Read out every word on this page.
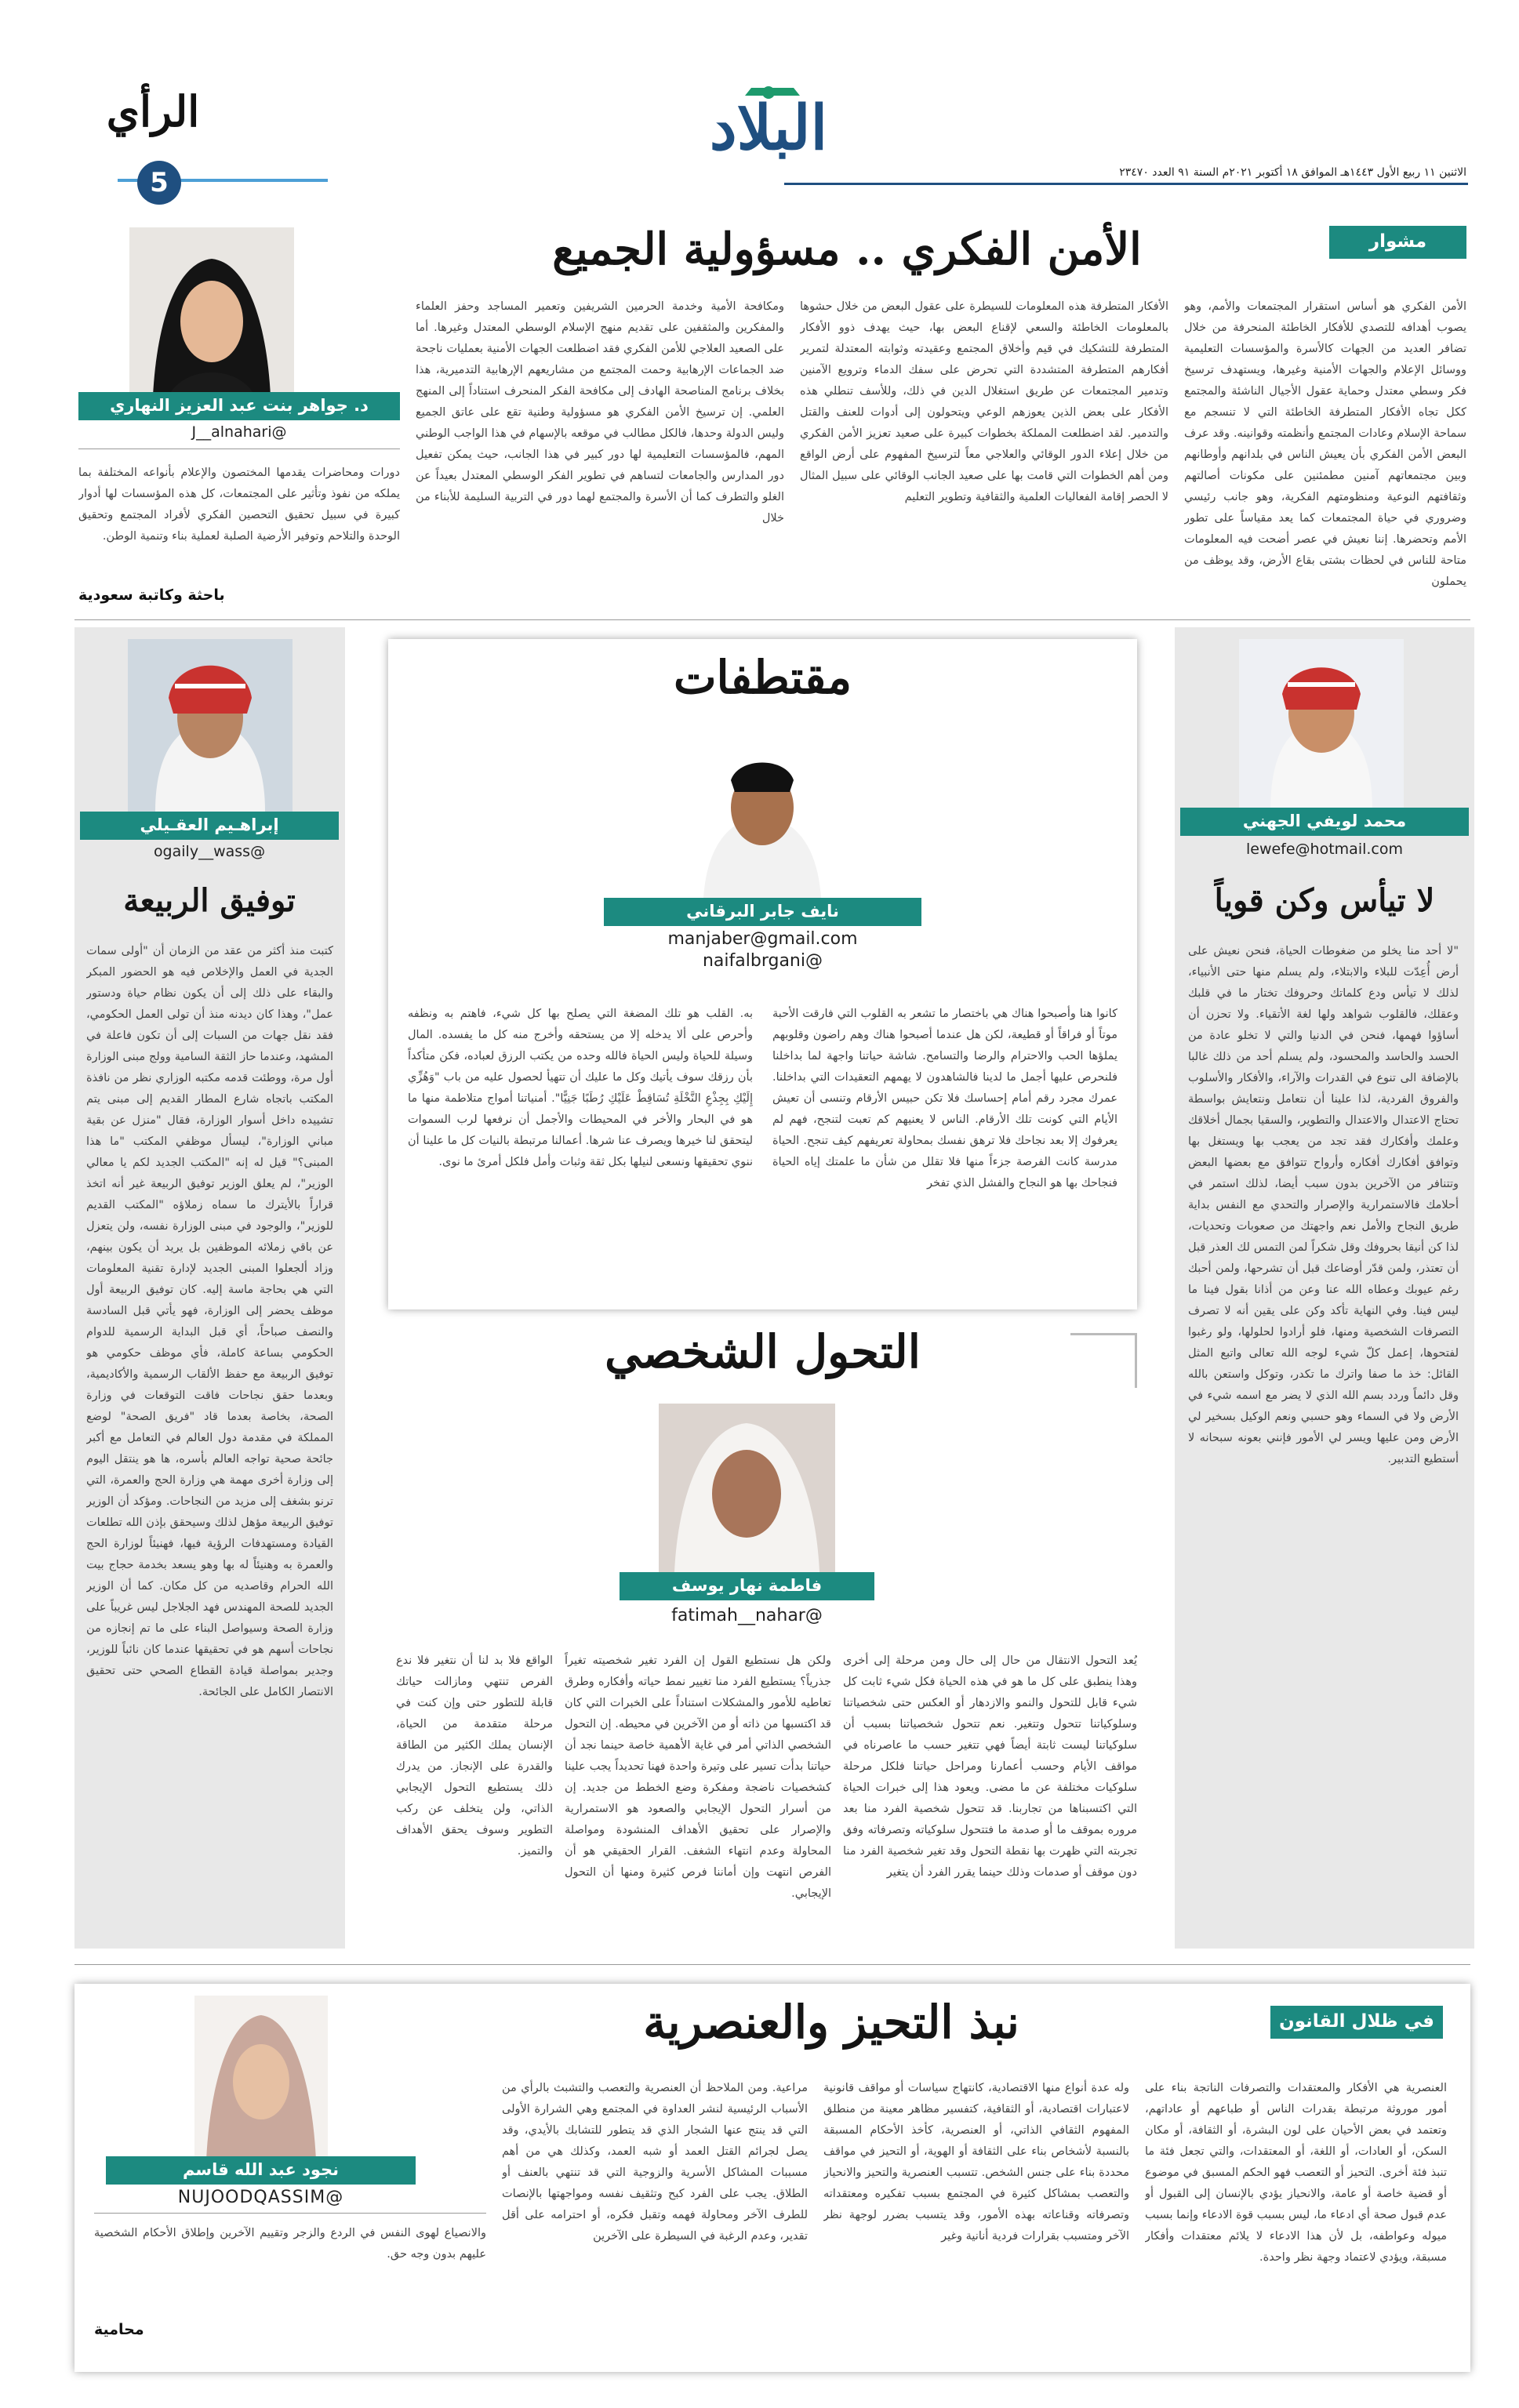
الرأي
5
البلاد
الاثنين ١١ ربيع الأول ١٤٤٣هـ الموافق ١٨ أكتوبر ٢٠٢١م السنة ٩١ العدد ٢٣٤٧٠
مشوار
الأمن الفكري .. مسؤولية الجميع
الأمن الفكري هو أساس استقرار المجتمعات والأمم، وهو يصوب أهدافه للتصدي للأفكار الخاطئة المنحرفة من خلال تضافر العديد من الجهات كالأسرة والمؤسسات التعليمية ووسائل الإعلام والجهات الأمنية وغيرها، ويستهدف ترسيخ فكر وسطي معتدل وحماية عقول الأجيال الناشئة والمجتمع ككل تجاه الأفكار المتطرفة الخاطئة التي لا تنسجم مع سماحة الإسلام وعادات المجتمع وأنظمته وقوانينه. وقد عرف البعض الأمن الفكري بأن يعيش الناس في بلدانهم وأوطانهم وبين مجتمعاتهم آمنين مطمئنين على مكونات أصالتهم وثقافتهم النوعية ومنظومتهم الفكرية، وهو جانب رئيسي وضروري في حياة المجتمعات كما يعد مقياساً على تطور الأمم وتحضرها. إننا نعيش في عصر أضحت فيه المعلومات متاحة للناس في لحظات بشتى بقاع الأرض، وقد يوظف من يحملون
الأفكار المتطرفة هذه المعلومات للسيطرة على عقول البعض من خلال حشوها بالمعلومات الخاطئة والسعي لإقناع البعض بها، حيث يهدف ذوو الأفكار المتطرفة للتشكيك في قيم وأخلاق المجتمع وعقيدته وثوابته المعتدلة لتمرير أفكارهم المتطرفة المتشددة التي تحرض على سفك الدماء وترويع الآمنين وتدمير المجتمعات عن طريق استغلال الدين في ذلك، وللأسف تنطلي هذه الأفكار على بعض الذين يعوزهم الوعي ويتحولون إلى أدوات للعنف والقتل والتدمير. لقد اضطلعت المملكة بخطوات كبيرة على صعيد تعزيز الأمن الفكري من خلال إعلاء الدور الوقائي والعلاجي معاً لترسيخ المفهوم على أرض الواقع ومن أهم الخطوات التي قامت بها على صعيد الجانب الوقائي على سبيل المثال لا الحصر إقامة الفعاليات العلمية والثقافية وتطوير التعليم
ومكافحة الأمية وخدمة الحرمين الشريفين وتعمير المساجد وحفز العلماء والمفكرين والمثقفين على تقديم منهج الإسلام الوسطي المعتدل وغيرها. أما على الصعيد العلاجي للأمن الفكري فقد اضطلعت الجهات الأمنية بعمليات ناجحة ضد الجماعات الإرهابية وحمت المجتمع من مشاريعهم الإرهابية التدميرية، هذا بخلاف برنامج المناصحة الهادف إلى مكافحة الفكر المنحرف استناداً إلى المنهج العلمي. إن ترسيخ الأمن الفكري هو مسؤولية وطنية تقع على عاتق الجميع وليس الدولة وحدها، فالكل مطالب في موقعه بالإسهام في هذا الواجب الوطني المهم، فالمؤسسات التعليمية لها دور كبير في هذا الجانب، حيث يمكن تفعيل دور المدارس والجامعات لتساهم في تطوير الفكر الوسطي المعتدل بعيداً عن الغلو والتطرف كما أن الأسرة والمجتمع لهما دور في التربية السليمة للأبناء من خلال
د. جواهر بنت عبد العزيز النهاري
@J__alnahari
دورات ومحاضرات يقدمها المختصون والإعلام بأنواعه المختلفة بما يملكه من نفوذ وتأثير على المجتمعات، كل هذه المؤسسات لها أدوار كبيرة في سبيل تحقيق التحصين الفكري لأفراد المجتمع وتحقيق الوحدة والتلاحم وتوفير الأرضية الصلبة لعملية بناء وتنمية الوطن.
باحثة وكاتبة سعودية
محمد لويفي الجهني
lewefe@hotmail.com
لا تيأس وكن قوياً
"لا أحد منا يخلو من ضغوطات الحياة، فنحن نعيش على أرض أُعِدّت للبلاء والابتلاء، ولم يسلم منها حتى الأنبياء، لذلك لا تيأس ودع كلماتك وحروفك تختار ما في قلبك وعقلك، فالقلوب شواهد ولها لغة الأتقياء. ولا تحزن أن أساؤوا فهمها، فنحن في الدنيا والتي لا تخلو عادة من الحسد والحاسد والمحسود، ولم يسلم أحد من ذلك غالبا بالإضافة الى تنوع في القدرات والآراء، والأفكار والأسلوب والفروق الفردية، لذا علينا أن نتعامل ونتعايش بواسطة تحتاج الاعتدال والاعتدال والتطوير، والسقيا بجمال أخلاقك وعلمك وأفكارك فقد تجد من يعجب بها ويستغل بها وتوافق أفكارك أفكاره وأرواح تتوافق مع بعضها البعض وتتنافر من الآخرين بدون سبب أيضا، لذلك استمر في أحلامك فالاستمرارية والإصرار والتحدي مع النفس بداية طريق النجاح والأمل نعم واجهتك من صعوبات وتحديات، لذا كن أنيقا بحروفك وقل شكراً لمن التمس لك العذر قبل أن تعتذر، ولمن قدّر أوضاعك قبل أن تشرحها، ولمن أحبك رغم عيوبك وعطاه الله عنا وعن من أذانا بقول فينا ما ليس فينا. وفي النهاية تأكد وكن على يقين أنه لا تصرف التصرفات الشخصية ومنها، فلو أرادوا لحلولها، ولو رغبوا لفتحوها، إعمل كلّ شيء لوجه الله تعالى واتبع المثل القائل: خذ ما صفا واترك ما تكدر، وتوكل واستعن بالله وقل دائماً وردد بسم الله الذي لا يضر مع اسمه شيء في الأرض ولا في السماء وهو حسبي ونعم الوكيل بسخير لي الأرض ومن عليها ويسر لي الأمور فإنني بعونه سبحانه لا أستطيع التدبير.
إبراهـيم العقـيلي
@ogaily__wass
توفيق الربيعة
كتبت منذ أكثر من عقد من الزمان أن "أولى سمات الجدية في العمل والإخلاص فيه هو الحضور المبكر والبقاء على ذلك إلى أن يكون نظام حياة ودستور عمل"، وهذا كان ديدنه منذ أن تولى العمل الحكومي، فقد نقل جهات من السبات إلى أن تكون فاعلة في المشهد، وعندما حاز الثقة السامية وولج مبنى الوزارة أول مرة، ووطئت قدمه مكتبه الوزاري نظر من نافذة المكتب باتجاه شارع المطار القديم إلى مبنى يتم تشييده داخل أسوار الوزارة، فقال "منزل عن بقية مباني الوزارة"، ليسأل موظفي المكتب "ما هذا المبنى؟" قيل له إنه "المكتب الجديد لكم يا معالي الوزير"، لم يعلق الوزير توفيق الربيعة غير أنه اتخذ قراراً بالأيترك ما سماه زملاؤه "المكتب القديم للوزير"، والوجود في مبنى الوزارة نفسه، ولن يتعزل عن باقي زملائه الموظفين بل يريد أن يكون بينهم، وزاد ألجعلوا المبنى الجديد لإدارة تقنية المعلومات التي هي بحاجة ماسة إليه. كان توفيق الربيعة أول موظف يحضر إلى الوزارة، فهو يأتي قبل السادسة والنصف صباحاً، أي قبل البداية الرسمية للدوام الحكومي بساعة كاملة، فأي موظف حكومي هو توفيق الربيعة مع حفظ الألقاب الرسمية والأكاديمية، وبعدما حقق نجاحات فاقت التوقعات في وزارة الصحة، بخاصة بعدما قاد "فريق الصحة" لوضع المملكة في مقدمة دول العالم في التعامل مع أكبر جائحة صحية تواجه العالم بأسره، ها هو ينتقل اليوم إلى وزارة أخرى مهمة هي وزارة الحج والعمرة، التي ترنو بشغف إلى مزيد من النجاحات. ومؤكد أن الوزير توفيق الربيعة مؤهل لذلك وسيحقق بإذن الله تطلعات القيادة ومستهدفات الرؤية فيها، فهنيئاً لوزارة الحج والعمرة به وهنيئاً له بها وهو يسعد بخدمة حجاج بيت الله الحرام وقاصديه من كل مكان. كما أن الوزير الجديد للصحة المهندس فهد الجلاجل ليس غريباً على وزارة الصحة وسيواصل البناء على ما تم إنجازه من نجاحات أسهم هو في تحقيقها عندما كان نائباً للوزير، وجدير بمواصلة قيادة القطاع الصحي حتى تحقيق الانتصار الكامل على الجائحة.
مقتطفات
نايف جابر البرقاني
manjaber@gmail.com
@naifalbrgani
كانوا هنا وأصبحوا هناك هي باختصار ما تشعر به القلوب التي فارقت الأحبة موتاً أو فراقاً أو قطيعة، لكن هل عندما أصبحوا هناك وهم راضون وقلوبهم يملؤها الحب والاحترام والرضا والتسامح. شاشة حياتنا واجهة لما بداخلنا فلنحرص عليها أجمل ما لدينا فالشاهدون لا يهمهم التعقيدات التي بداخلنا. عمرك مجرد رقم أمام إحساسك فلا تكن حبيس الأرقام وتنسى أن تعيش الأيام التي كونت تلك الأرقام. الناس لا يعنيهم كم تعبت لتنجح، فهم لم يعرفوك إلا بعد نجاحك فلا ترهق نفسك بمحاولة تعريفهم كيف تنجح. الحياة مدرسة كانت الفرصة جزءاً منها فلا تقلل من شأن ما علمتك إياه الحياة فنجاحك بها هو النجاح والفشل الذي تفخر
به. القلب هو تلك المضغة التي يصلح بها كل شيء، فاهتم به ونظفه وأحرص على ألا يدخله إلا من يستحقه وأخرج منه كل ما يفسده. المال وسيلة للحياة وليس الحياة فالله وحده من يكتب الرزق لعباده، فكن متأكداً بأن رزقك سوف يأتيك وكل ما عليك أن تتهيأ لحصول عليه من باب "وَهُزِّي إِلَيْكِ بِجِذْعِ النَّخْلَةِ تُسَاقِطْ عَلَيْكِ رُطَبًا جَنِيًّا". أمنياتنا أمواج متلاطمة منها ما هو في البحار والأخر في المحيطات والأجمل أن نرفعها لرب السموات ليتحقق لنا خيرها ويصرف عنا شرها. أعمالنا مرتبطة بالنيات كل ما علينا أن ننوي تحقيقها ونسعى لنيلها بكل ثقة وثبات وأمل فلكل أمرئ ما نوى.
التحول الشخصي
فاطمة نهار يوسف
@fatimah__nahar
يُعد التحول الانتقال من حال إلى حال ومن مرحلة إلى أخرى وهذا ينطبق على كل ما هو في هذه الحياة فكل شيء ثابت كل شيء قابل للتحول والنمو والازدهار أو العكس حتى شخصياتنا وسلوكياتنا تتحول وتتغير. نعم تتحول شخصياتنا بسبب أن سلوكياتنا ليست ثابتة أيضاً فهي تتغير حسب ما عاصرناه في مواقف الأيام وحسب أعمارنا ومراحل حياتنا فلكل مرحلة سلوكيات مختلفة عن ما مضى. ويعود هذا إلى خبرات الحياة التي اكتسبناها من تجاربنا. قد تتحول شخصية الفرد منا بعد مروره بموقف ما أو صدمة ما فتتحول سلوكياته وتصرفاته وفق تجربته التي ظهرت بها نقطة التحول وقد تغير شخصية الفرد منا دون موقف أو صدمات وذلك حينما يقرر الفرد أن يتغير
ولكن هل نستطيع القول إن الفرد تغير شخصيته تغيراً جذرياً؟ يستطيع الفرد منا تغيير نمط حياته وأفكاره وطرق تعاطيه للأمور والمشكلات استناداً على الخبرات التي كان قد اكتسبها من ذاته أو من الآخرين في محيطه. إن التحول الشخصي الذاتي أمر في غاية الأهمية خاصة حينما نجد أن حياتنا بدأت تسير على وتيرة واحدة فهنا تحديداً يجب علينا كشخصيات ناضجة ومفكرة وضع الخطط من جديد. إن من أسرار التحول الإيجابي والصعود هو الاستمرارية والإصرار على تحقيق الأهداف المنشودة ومواصلة المحاولة وعدم انتهاء الشغف. القرار الحقيقي هو أن الفرص انتهت وإن أماننا فرص كثيرة ومنها أن التحول الإيجابي.
الواقع فلا بد لنا أن نتغير فلا ندع الفرص تنتهي ومازالت حياتك قابلة للتطور حتى وإن كنت في مرحلة متقدمة من الحياة، الإنسان يملك الكثير من الطاقة والقدرة على الإنجاز. من يدرك ذلك يستطيع التحول الإيجابي الذاتي، ولن يتخلف عن ركب التطوير وسوف يحقق الأهداف والتميز.
في ظلال القانون
نبذ التحيز والعنصرية
العنصرية هي الأفكار والمعتقدات والتصرفات الناتجة بناء على أمور موروثة مرتبطة بقدرات الناس أو طباعهم أو عاداتهم، وتعتمد في بعض الأحيان على لون البشرة، أو الثقافة، أو مكان السكن، أو العادات، أو اللغة، أو المعتقدات، والتي تجعل فئة ما تنبذ فئة أخرى. التحيز أو التعصب فهو الحكم المسبق في موضوع أو قضية خاصة أو عامة، والانحياز يؤدي بالإنسان إلى القبول أو عدم قبول صحة أي ادعاء ما، ليس بسبب قوة الادعاء وإنما بسبب ميوله وعواطفه، بل لأن هذا الادعاء لا يلائم معتقدات وأفكار مسبقة، ويؤدي لاعتماد وجهة نظر واحدة.
وله عدة أنواع منها الاقتصادية، كانتهاج سياسات أو مواقف قانونية لاعتبارات اقتصادية، أو الثقافية، كتفسير مظاهر معينة من منطلق المفهوم الثقافي الذاتي، أو العنصرية، كأخذ الأحكام المسبقة بالنسبة لأشخاص بناء على الثقافة أو الهوية، أو التحيز في مواقف محددة بناء على جنس الشخص. تتسبب العنصرية والتحيز والانحياز والتعصب بمشاكل كثيرة في المجتمع بسبب تفكيره ومعتقداته وتصرفاته وقناعاته بهذه الأمور، وقد يتسبب بضرر لوجهة نظر الآخر ومتسبب بقرارات فردية أنانية وغير
مراعية. ومن الملاحظ أن العنصرية والتعصب والتشبث بالرأي من الأسباب الرئيسية لنشر العداوة في المجتمع وهي الشرارة الأولى التي قد ينتج عنها الشجار الذي قد يتطور للتشابك بالأيدي، وقد يصل لجرائم القتل العمد أو شبه العمد، وكذلك هي من أهم مسببات المشاكل الأسرية والزوجية التي قد تنتهي بالعنف أو الطلاق. يجب على الفرد كبح وتثقيف نفسه ومواجهتها بالإنصات للطرف الآخر ومحاولة فهمه وتقبل فكره، أو احترامه على أقل تقدير، وعدم الرغبة في السيطرة على الآخرين
نجود عبد الله قاسم
@NUJOODQASSIM
والانصياع لهوى النفس في الردع والزجر وتقييم الآخرين وإطلاق الأحكام الشخصية عليهم بدون وجه حق.
محامية
